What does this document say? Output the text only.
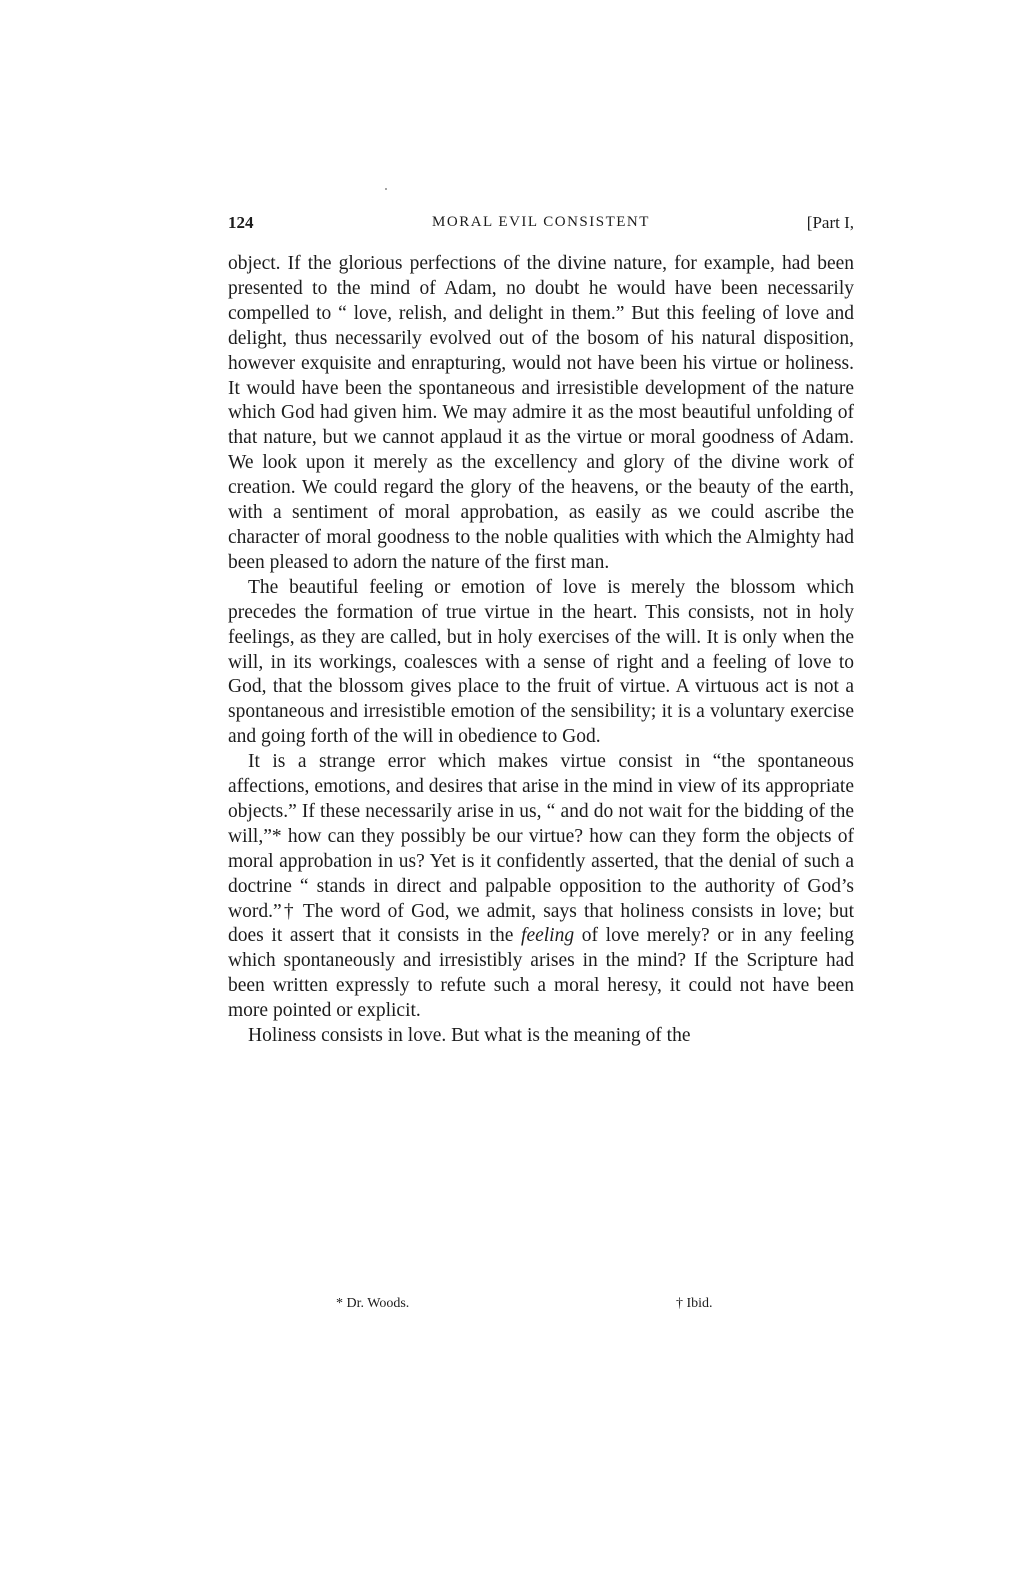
124	MORAL EVIL CONSISTENT	[Part I,

object. If the glorious perfections of the divine nature, for example, had been presented to the mind of Adam, no doubt he would have been necessarily compelled to “ love, relish, and delight in them.” But this feeling of love and delight, thus necessarily evolved out of the bosom of his natural disposition, however exquisite and enrapturing, would not have been his virtue or holiness. It would have been the spontaneous and irresistible development of the nature which God had given him. We may admire it as the most beautiful unfolding of that nature, but we cannot applaud it as the virtue or moral goodness of Adam. We look upon it merely as the excellency and glory of the divine work of creation. We could regard the glory of the heavens, or the beauty of the earth, with a sentiment of moral approbation, as easily as we could ascribe the character of moral goodness to the noble qualities with which the Almighty had been pleased to adorn the nature of the first man.

The beautiful feeling or emotion of love is merely the blossom which precedes the formation of true virtue in the heart. This consists, not in holy feelings, as they are called, but in holy exercises of the will. It is only when the will, in its workings, coalesces with a sense of right and a feeling of love to God, that the blossom gives place to the fruit of virtue. A virtuous act is not a spontaneous and irresistible emotion of the sensibility; it is a voluntary exercise and going forth of the will in obedience to God.

It is a strange error which makes virtue consist in “the spontaneous affections, emotions, and desires that arise in the mind in view of its appropriate objects.” If these necessarily arise in us, “ and do not wait for the bidding of the will,”* how can they possibly be our virtue? how can they form the objects of moral approbation in us? Yet is it confidently asserted, that the denial of such a doctrine “ stands in direct and palpable opposition to the authority of God’s word.”† The word of God, we admit, says that holiness consists in love; but does it assert that it consists in the feeling of love merely? or in any feeling which spontaneously and irresistibly arises in the mind? If the Scripture had been written expressly to refute such a moral heresy, it could not have been more pointed or explicit.

Holiness consists in love. But what is the meaning of the

* Dr. Woods.	† Ibid.
